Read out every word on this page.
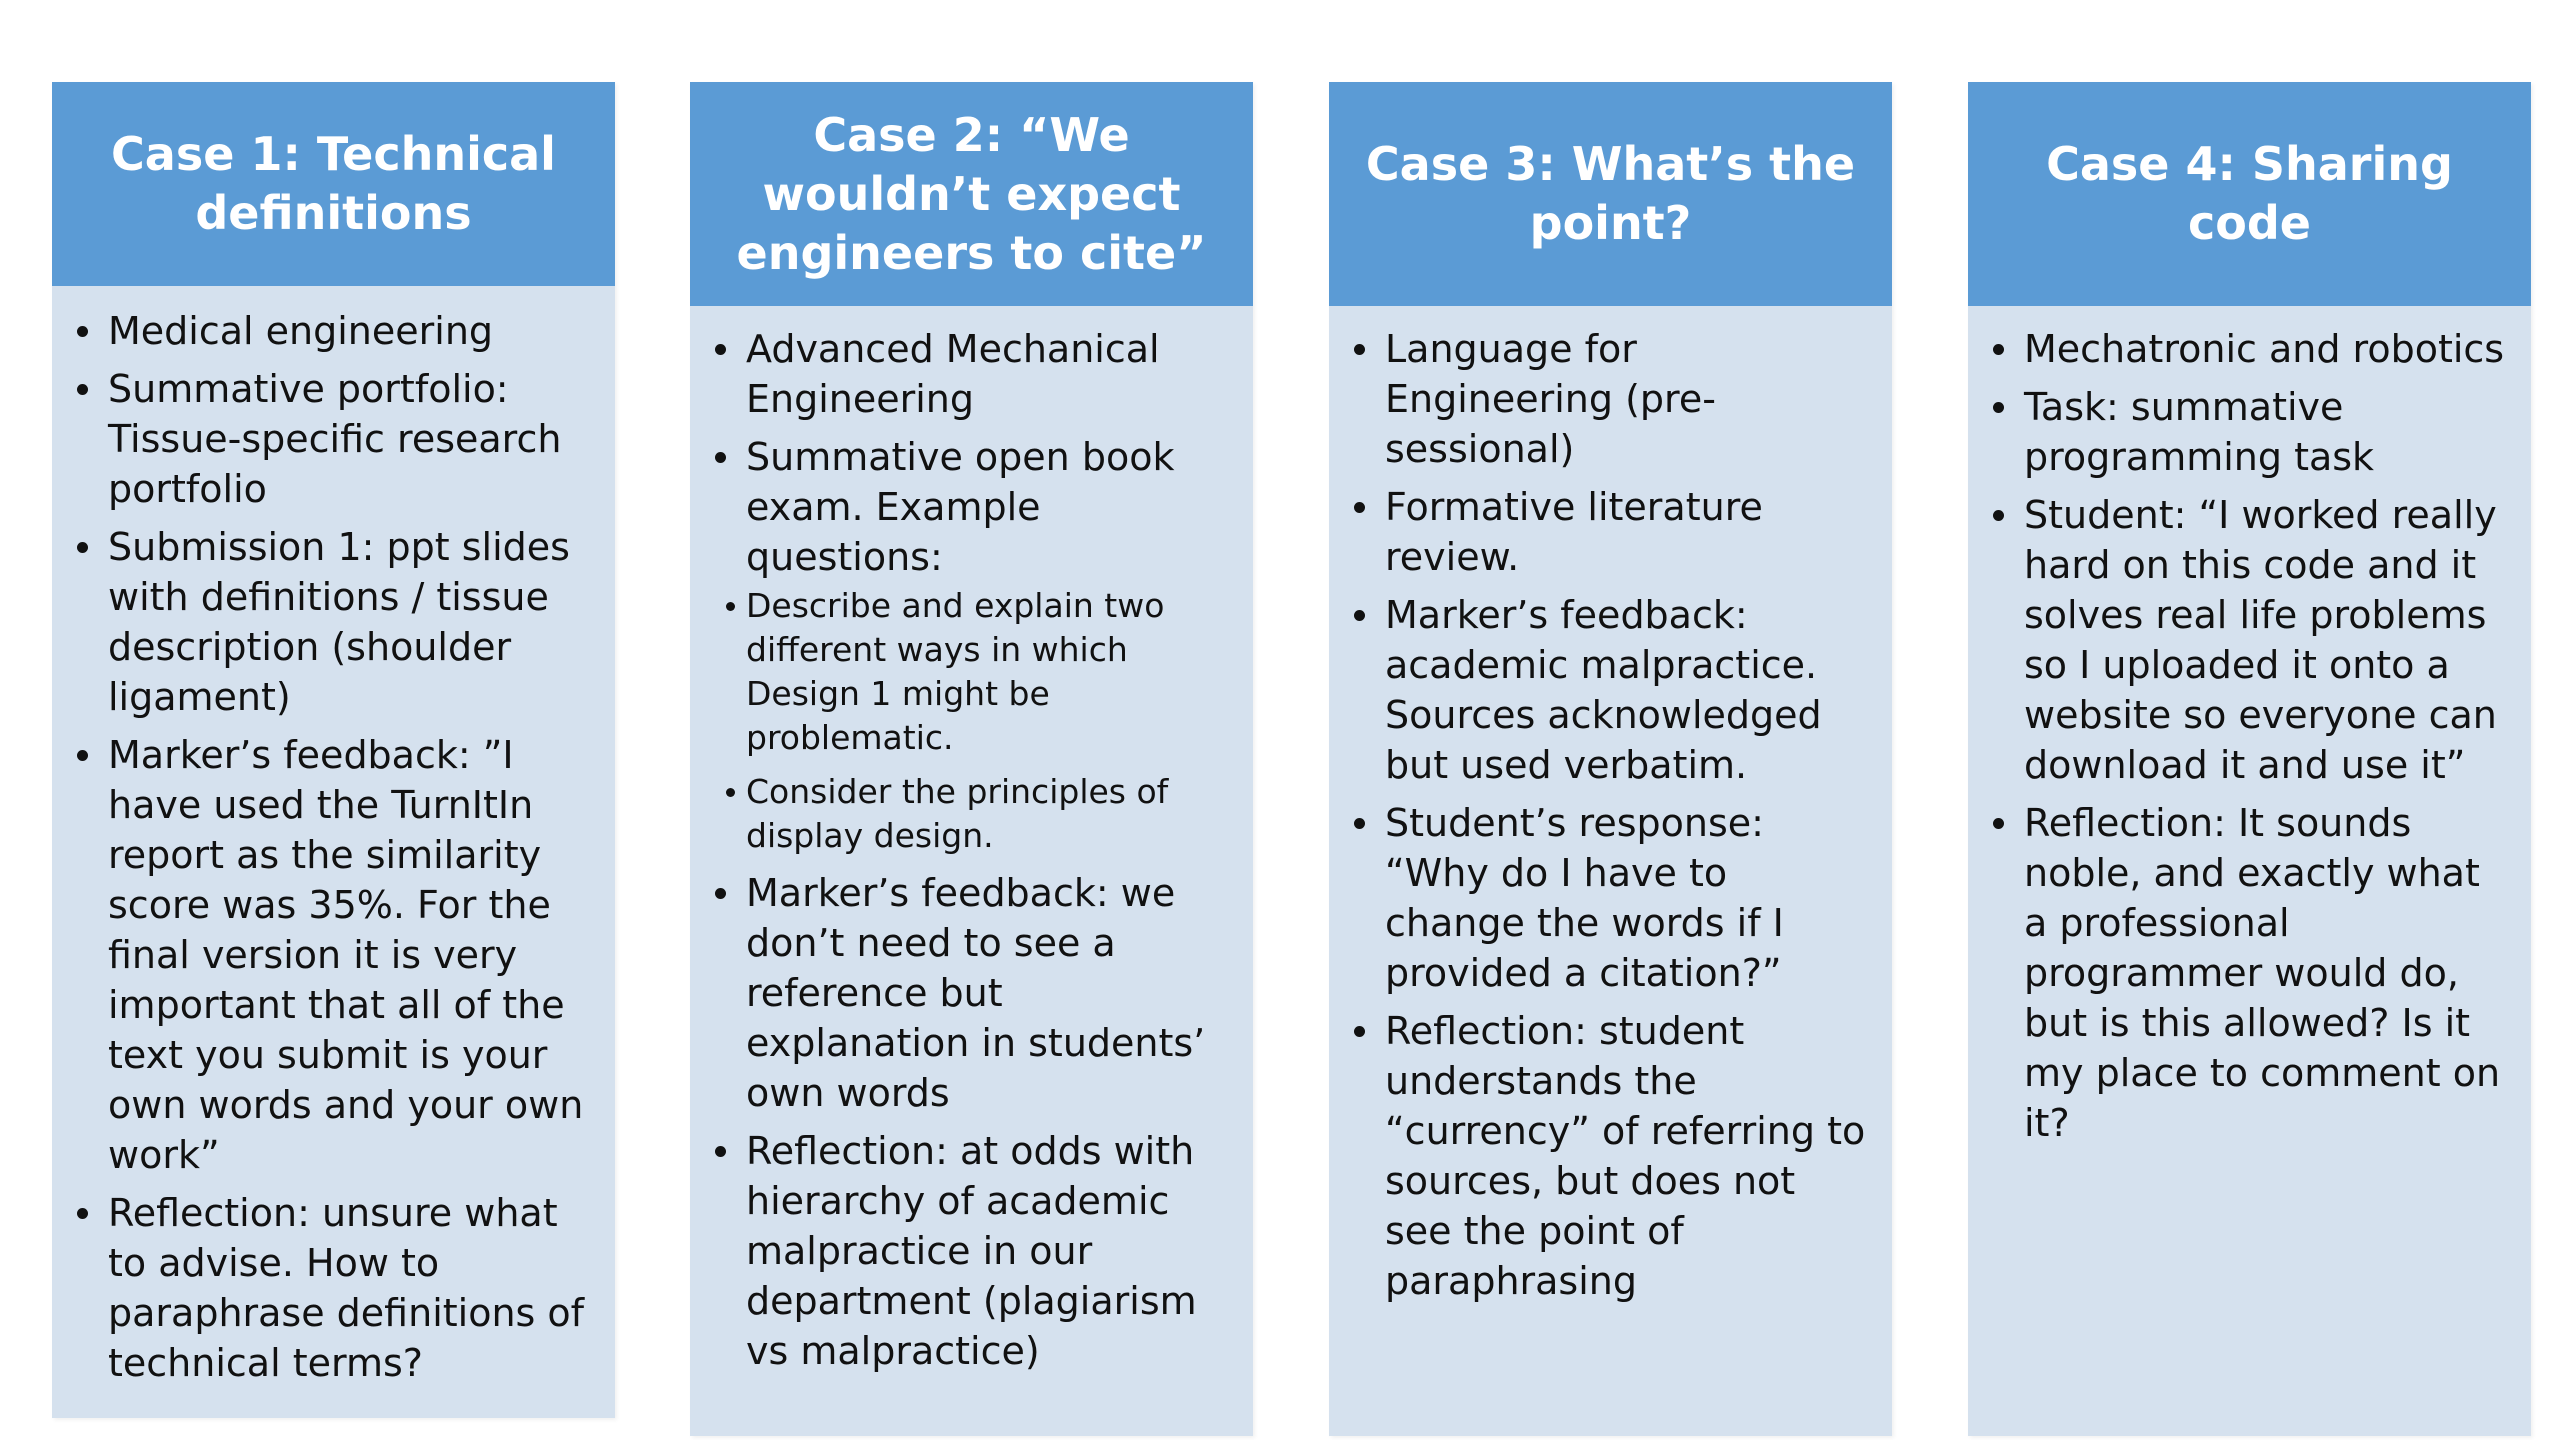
Case 1: Technical definitions
Medical engineering
Summative portfolio: Tissue-specific research portfolio
Submission 1: ppt slides with definitions / tissue description (shoulder ligament)
Marker’s feedback: ”I have used the TurnItIn report as the similarity score was 35%. For the final version it is very important that all of the text you submit is your own words and your own work”
Reflection: unsure what to advise. How to paraphrase definitions of technical terms?
Case 2: “We wouldn’t expect engineers to cite”
Advanced Mechanical Engineering
Summative open book exam. Example questions:
Describe and explain two different ways in which Design 1 might be problematic.
Consider the principles of display design.
Marker’s feedback: we don’t need to see a reference but explanation in students’ own words
Reflection: at odds with hierarchy of academic malpractice in our department (plagiarism vs malpractice)
Case 3: What’s the point?
Language for Engineering (pre-sessional)
Formative literature review.
Marker’s feedback: academic malpractice. Sources acknowledged but used verbatim.
Student’s response: “Why do I have to change the words if I provided a citation?”
Reflection: student understands the “currency” of referring to sources, but does not see the point of paraphrasing
Case 4: Sharing code
Mechatronic and robotics
Task: summative programming task
Student: “I worked really hard on this code and it solves real life problems so I uploaded it onto a website so everyone can download it and use it”
Reflection: It sounds noble, and exactly what a professional programmer would do, but is this allowed? Is it my place to comment on it?
